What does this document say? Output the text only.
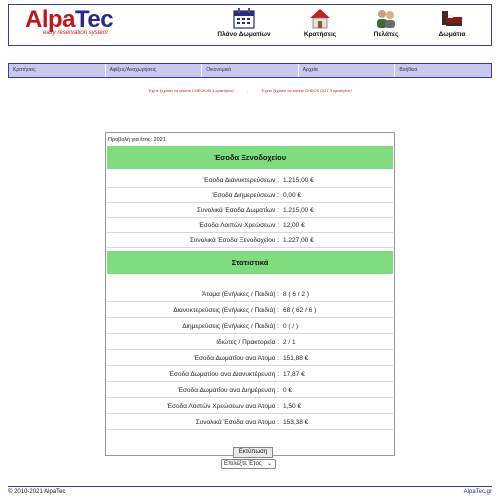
AlpaTec
easy reservation system	Πλάνο Δωματίων	Κρατήσεις	Πελάτες	Δωμάτια
Κρατήσεις	Αφίξεις/Αναχωρήσεις	Οικονομικά	Αρχεία	Βοήθεια
Έχετε ξεχάσει να κάνετε CHECK IN 4 κρατήσεις!	-	Έχετε ξεχάσει να κάνετε CHECK OUT 3 κρατήσεις!
Προβολή για έτος: 2021
Έσοδα Ξενοδοχείου
Έσοδα Διανυκτερεύσεων : 1.215,00 €
Έσοδα Διημερεύσεων : 0,00 €
Συνολικά Έσοδα Δωματίων : 1.215,00 €
Έσοδα Λοιπών Χρεώσεων : 12,00 €
Συνολικά Έσοδα Ξενοδοχείου : 1.227,00 €
Στατιστικά
Άτομα (Ενήλικες / Παιδιά) : 8 ( 6 / 2 )
Διανυκτερεύσεις (Ενήλικες / Παιδιά) : 68 ( 62 / 6 )
Διημερεύσεις (Ενήλικες / Παιδιά) : 0 ( / )
Ιδιώτες / Πρακτορεία : 2 / 1
Έσοδα Δωματίου ανα Άτομο : 151,88 €
Έσοδα Δωματίου ανα Διανυκτέρευση : 17,87 €
Έσοδα Δωματίου ανα Διημέρευση : 0 €
Έσοδα Λοιπών Χρεώσεων ανα Άτομο : 1,50 €
Συνολικά Έσοδα ανα Άτομο : 153,38 €
Εκτύπωση
Επιλέξτε Έτος ⌄
© 2010-2021 AlpaTec	AlpaTec.gr
